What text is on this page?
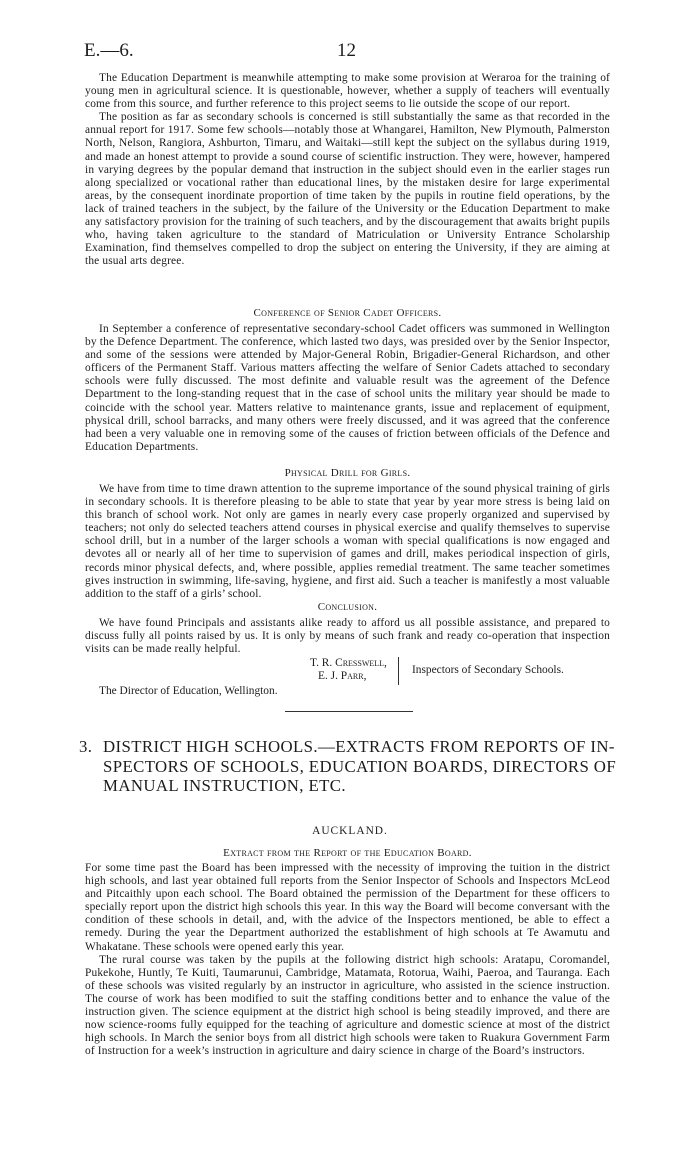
E.—6.	12

The Education Department is meanwhile attempting to make some provision at Weraroa for the training of young men in agricultural science. It is questionable, however, whether a supply of teachers will eventually come from this source, and further reference to this project seems to lie outside the scope of our report.

The position as far as secondary schools is concerned is still substantially the same as that recorded in the annual report for 1917. Some few schools—notably those at Whangarei, Hamilton, New Plymouth, Palmerston North, Nelson, Rangiora, Ashburton, Timaru, and Waitaki—still kept the subject on the syllabus during 1919, and made an honest attempt to provide a sound course of scientific instruction. They were, however, hampered in varying degrees by the popular demand that instruction in the subject should even in the earlier stages run along specialized or vocational rather than educational lines, by the mistaken desire for large experimental areas, by the consequent inordinate proportion of time taken by the pupils in routine field operations, by the lack of trained teachers in the subject, by the failure of the University or the Education Department to make any satisfactory provision for the training of such teachers, and by the discouragement that awaits bright pupils who, having taken agriculture to the standard of Matriculation or University Entrance Scholarship Examination, find themselves compelled to drop the subject on entering the University, if they are aiming at the usual arts degree.

Conference of Senior Cadet Officers.

In September a conference of representative secondary-school Cadet officers was summoned in Wellington by the Defence Department. The conference, which lasted two days, was presided over by the Senior Inspector, and some of the sessions were attended by Major-General Robin, Brigadier-General Richardson, and other officers of the Permanent Staff. Various matters affecting the welfare of Senior Cadets attached to secondary schools were fully discussed. The most definite and valuable result was the agreement of the Defence Department to the long-standing request that in the case of school units the military year should be made to coincide with the school year. Matters relative to maintenance grants, issue and replacement of equipment, physical drill, school barracks, and many others were freely discussed, and it was agreed that the conference had been a very valuable one in removing some of the causes of friction between officials of the Defence and Education Departments.

Physical Drill for Girls.

We have from time to time drawn attention to the supreme importance of the sound physical training of girls in secondary schools. It is therefore pleasing to be able to state that year by year more stress is being laid on this branch of school work. Not only are games in nearly every case properly organized and supervised by teachers; not only do selected teachers attend courses in physical exercise and qualify themselves to supervise school drill, but in a number of the larger schools a woman with special qualifications is now engaged and devotes all or nearly all of her time to supervision of games and drill, makes periodical inspection of girls, records minor physical defects, and, where possible, applies remedial treatment. The same teacher sometimes gives instruction in swimming, life-saving, hygiene, and first aid. Such a teacher is manifestly a most valuable addition to the staff of a girls’ school.

Conclusion.

We have found Principals and assistants alike ready to afford us all possible assistance, and prepared to discuss fully all points raised by us. It is only by means of such frank and ready co-operation that inspection visits can be made really helpful.

T. R. Cresswell,
E. J. Parr,	Inspectors of Secondary Schools.
The Director of Education, Wellington.
3. DISTRICT HIGH SCHOOLS.—EXTRACTS FROM REPORTS OF IN-
SPECTORS OF SCHOOLS, EDUCATION BOARDS, DIRECTORS OF
MANUAL INSTRUCTION, ETC.
AUCKLAND.

Extract from the Report of the Education Board.

For some time past the Board has been impressed with the necessity of improving the tuition in the district high schools, and last year obtained full reports from the Senior Inspector of Schools and Inspectors McLeod and Pitcaithly upon each school. The Board obtained the permission of the Department for these officers to specially report upon the district high schools this year. In this way the Board will become conversant with the condition of these schools in detail, and, with the advice of the Inspectors mentioned, be able to effect a remedy. During the year the Department authorized the establishment of high schools at Te Awamutu and Whakatane. These schools were opened early this year.

The rural course was taken by the pupils at the following district high schools: Aratapu, Coromandel, Pukekohe, Huntly, Te Kuiti, Taumarunui, Cambridge, Matamata, Rotorua, Waihi, Paeroa, and Tauranga. Each of these schools was visited regularly by an instructor in agriculture, who assisted in the science instruction. The course of work has been modified to suit the staffing conditions better and to enhance the value of the instruction given. The science equipment at the district high school is being steadily improved, and there are now science-rooms fully equipped for the teaching of agriculture and domestic science at most of the district high schools. In March the senior boys from all district high schools were taken to Ruakura Government Farm of Instruction for a week’s instruction in agriculture and dairy science in charge of the Board’s instructors.
